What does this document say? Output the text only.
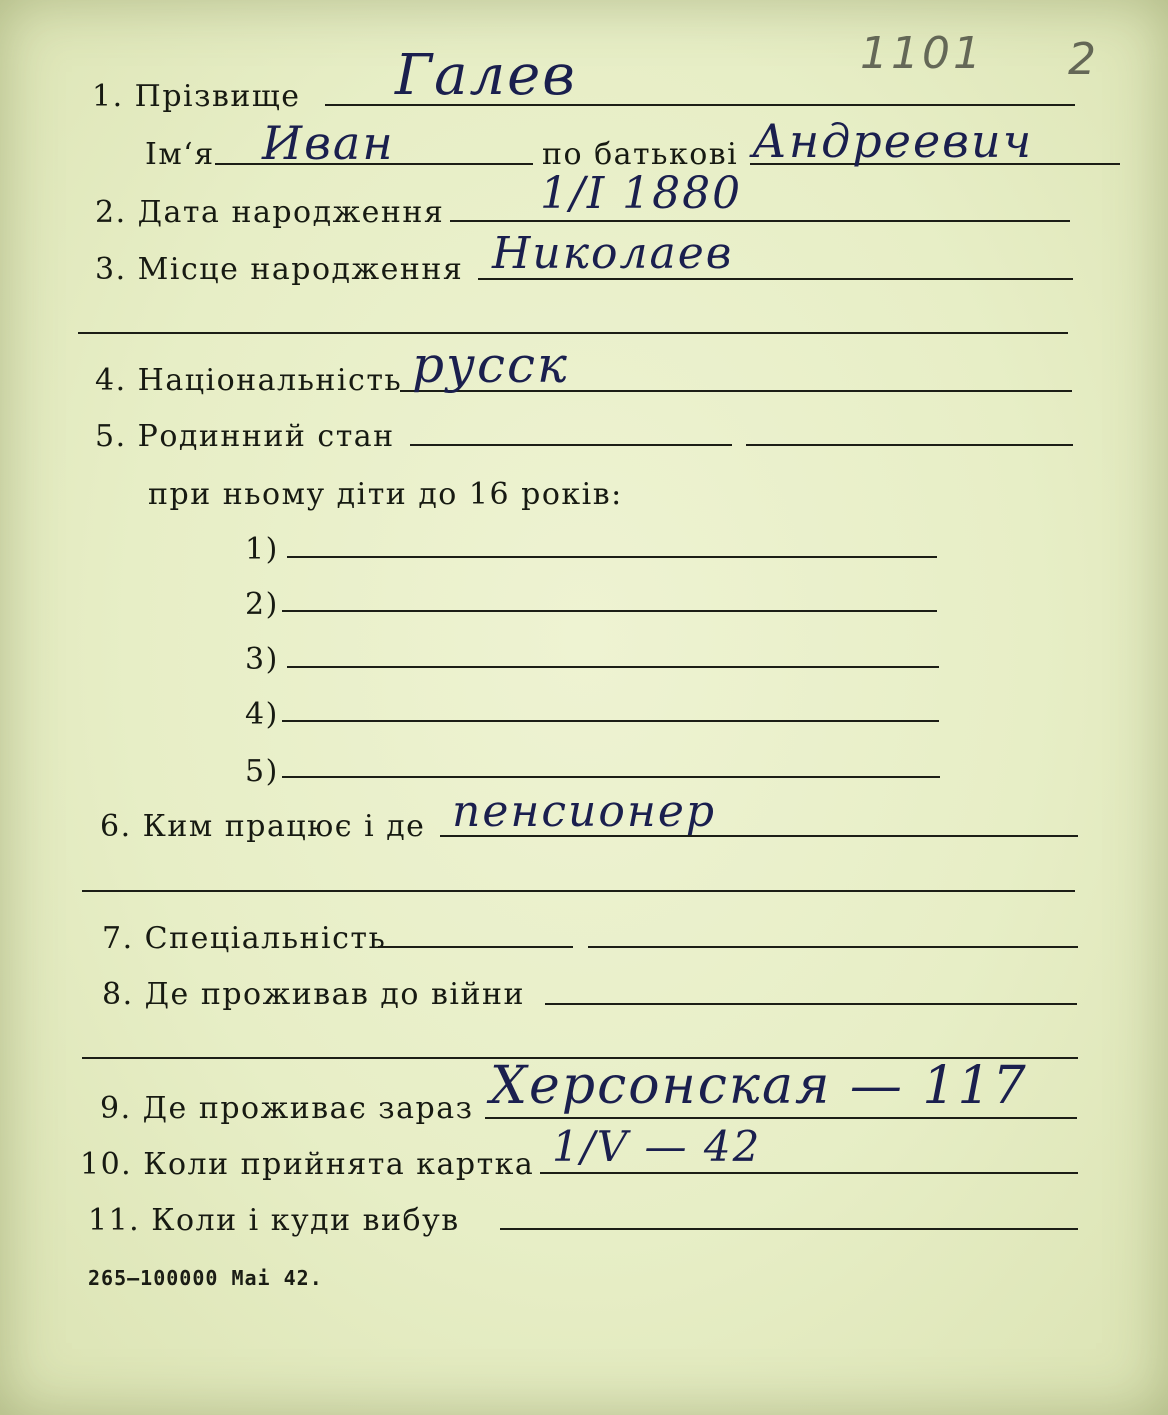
1101 2
1. Прізвище Галев
Ім‘я Иван	по батькові Андреевич
2. Дата народження 1/I 1880
3. Місце народження Николаев
4. Національність русск
5. Родинний стан
при ньому діти до 16 років:
1)
2)
3)
4)
5)
6. Ким працює і де пенсионер
7. Спеціальність
8. Де проживав до війни
9. Де проживає зараз Херсонская — 117
10. Коли прийнята картка 1/V — 42
11. Коли і куди вибув
265—100000 Mai 42.
